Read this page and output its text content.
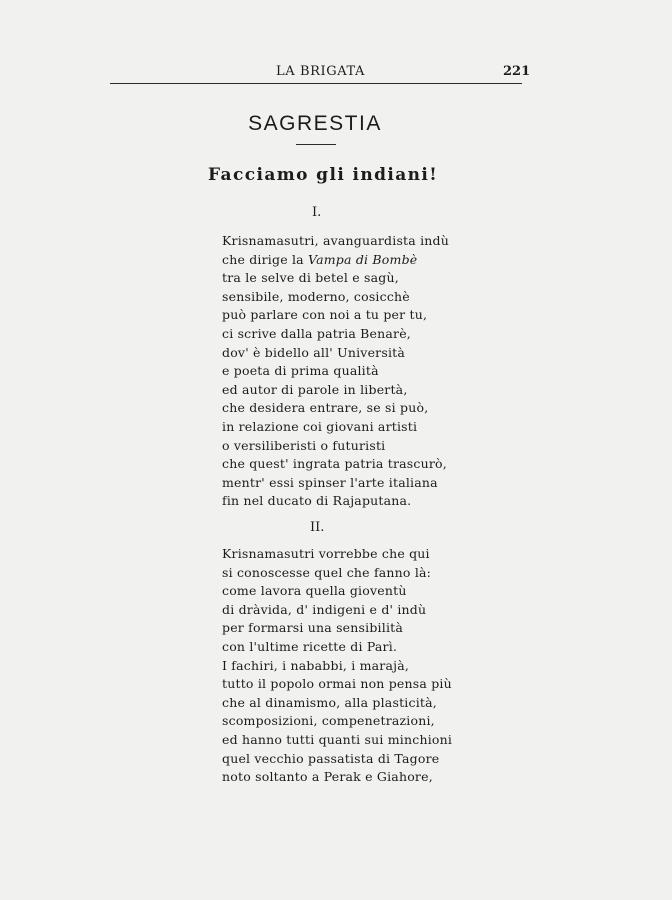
LA BRIGATA	221
SAGRESTIA
Facciamo gli indiani!
I.
Krisnamasutri, avanguardista indù
che dirige la Vampa di Bombè
tra le selve di betel e sagù,
sensibile, moderno, cosicchè
può parlare con noi a tu per tu,
ci scrive dalla patria Benarè,
dov' è bidello all' Università
e poeta di prima qualità
ed autor di parole in libertà,
che desidera entrare, se si può,
in relazione coi giovani artisti
o versiliberisti o futuristi
che quest' ingrata patria trascurò,
mentr' essi spinser l'arte italiana
fin nel ducato di Rajaputana.
II.
Krisnamasutri vorrebbe che qui
si conoscesse quel che fanno là:
come lavora quella gioventù
di dràvida, d' indigeni e d' indù
per formarsi una sensibilità
con l'ultime ricette di Parì.
I fachiri, i nababbi, i marajà,
tutto il popolo ormai non pensa più
che al dinamismo, alla plasticità,
scomposizioni, compenetrazioni,
ed hanno tutti quanti sui minchioni
quel vecchio passatista di Tagore
noto soltanto a Perak e Giahore,
